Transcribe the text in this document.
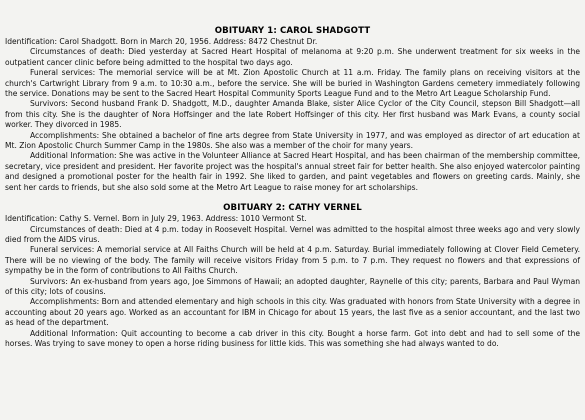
OBITUARY 1: CAROL SHADGOTT

Identification: Carol Shadgott. Born in March 20, 1956. Address: 8472 Chestnut Dr.

Circumstances of death: Died yesterday at Sacred Heart Hospital of melanoma at 9:20 p.m. She underwent treatment for six weeks in the outpatient cancer clinic before being admitted to the hospital two days ago.

Funeral services: The memorial service will be at Mt. Zion Apostolic Church at 11 a.m. Friday. The family plans on receiving visitors at the church's Cartwright Library from 9 a.m. to 10:30 a.m., before the service. She will be buried in Washington Gardens cemetery immediately following the service. Donations may be sent to the Sacred Heart Hospital Community Sports League Fund and to the Metro Art League Scholarship Fund.

Survivors: Second husband Frank D. Shadgott, M.D., daughter Amanda Blake, sister Alice Cyclor of the City Council, stepson Bill Shadgott—all from this city. She is the daughter of Nora Hoffsinger and the late Robert Hoffsinger of this city. Her first husband was Mark Evans, a county social worker. They divorced in 1985.

Accomplishments: She obtained a bachelor of fine arts degree from State University in 1977, and was employed as director of art education at Mt. Zion Apostolic Church Summer Camp in the 1980s. She also was a member of the choir for many years.

Additional Information: She was active in the Volunteer Alliance at Sacred Heart Hospital, and has been chairman of the membership committee, secretary, vice president and president. Her favorite project was the hospital's annual street fair for better health. She also enjoyed watercolor painting and designed a promotional poster for the health fair in 1992. She liked to garden, and paint vegetables and flowers on greeting cards. Mainly, she sent her cards to friends, but she also sold some at the Metro Art League to raise money for art scholarships.

OBITUARY 2: CATHY VERNEL

Identification: Cathy S. Vernel. Born in July 29, 1963. Address: 1010 Vermont St.

Circumstances of death: Died at 4 p.m. today in Roosevelt Hospital. Vernel was admitted to the hospital almost three weeks ago and very slowly died from the AIDS virus.

Funeral services: A memorial service at All Faiths Church will be held at 4 p.m. Saturday. Burial immediately following at Clover Field Cemetery. There will be no viewing of the body. The family will receive visitors Friday from 5 p.m. to 7 p.m. They request no flowers and that expressions of sympathy be in the form of contributions to All Faiths Church.

Survivors: An ex-husband from years ago, Joe Simmons of Hawaii; an adopted daughter, Raynelle of this city; parents, Barbara and Paul Wyman of this city; lots of cousins.

Accomplishments: Born and attended elementary and high schools in this city. Was graduated with honors from State University with a degree in accounting about 20 years ago. Worked as an accountant for IBM in Chicago for about 15 years, the last five as a senior accountant, and the last two as head of the department.

Additional Information: Quit accounting to become a cab driver in this city. Bought a horse farm. Got into debt and had to sell some of the horses. Was trying to save money to open a horse riding business for little kids. This was something she had always wanted to do.
